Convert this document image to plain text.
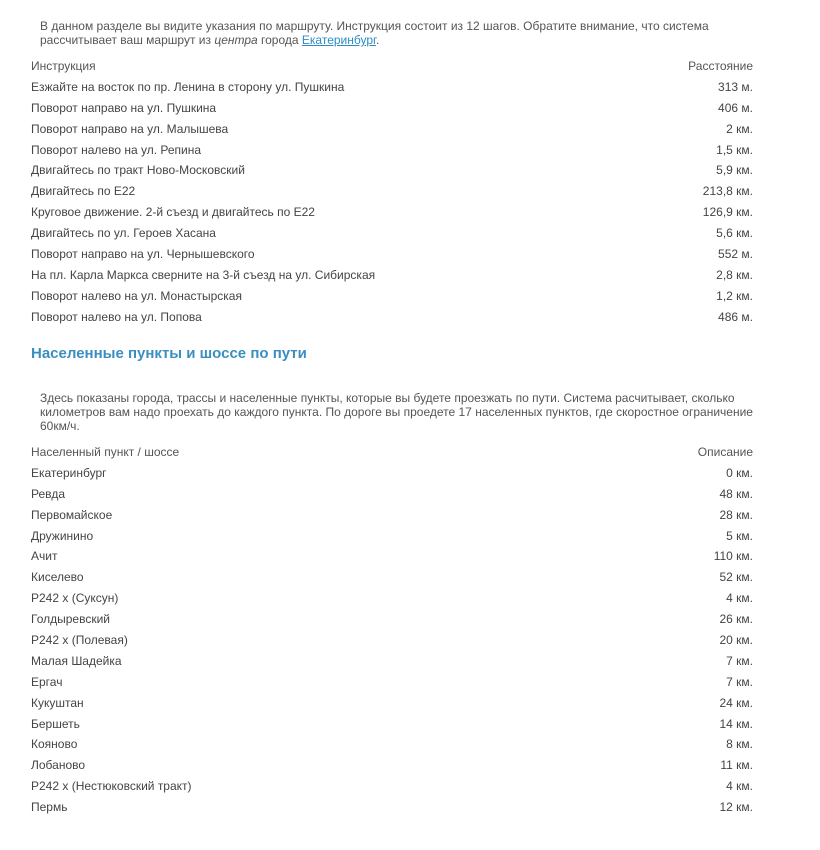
В данном разделе вы видите указания по маршруту. Инструкция состоит из 12 шагов. Обратите внимание, что система рассчитывает ваш маршрут из центра города Екатеринбург.
Инструкция	Расстояние
Езжайте на восток по пр. Ленина в сторону ул. Пушкина	313 м.
Поворот направо на ул. Пушкина	406 м.
Поворот направо на ул. Малышева	2 км.
Поворот налево на ул. Репина	1,5 км.
Двигайтесь по тракт Ново-Московский	5,9 км.
Двигайтесь по E22	213,8 км.
Круговое движение. 2-й съезд и двигайтесь по E22	126,9 км.
Двигайтесь по ул. Героев Хасана	5,6 км.
Поворот направо на ул. Чернышевского	552 м.
На пл. Карла Маркса сверните на 3-й съезд на ул. Сибирская	2,8 км.
Поворот налево на ул. Монастырская	1,2 км.
Поворот налево на ул. Попова	486 м.
Населенные пункты и шоссе по пути
Здесь показаны города, трассы и населенные пункты, которые вы будете проезжать по пути. Система расчитывает, сколько километров вам надо проехать до каждого пункта. По дороге вы проедете 17 населенных пунктов, где скоростное ограничение 60км/ч.
Населенный пункт / шоссе	Описание
Екатеринбург	0 км.
Ревда	48 км.
Первомайское	28 км.
Дружинино	5 км.
Ачит	110 км.
Киселево	52 км.
P242 x (Суксун)	4 км.
Голдыревский	26 км.
P242 x (Полевая)	20 км.
Малая Шадейка	7 км.
Ергач	7 км.
Кукуштан	24 км.
Бершеть	14 км.
Кояново	8 км.
Лобаново	11 км.
P242 x (Нестюковский тракт)	4 км.
Пермь	12 км.
